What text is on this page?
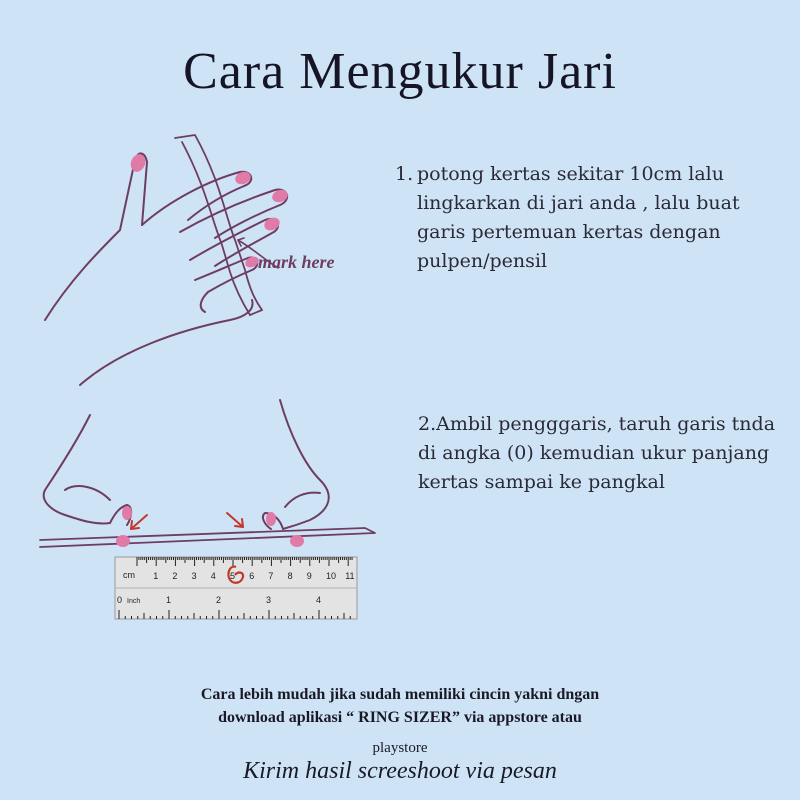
Cara Mengukur Jari
mark here
1. potong kertas sekitar 10cm lalu lingkarkan di jari anda , lalu buat garis pertemuan kertas dengan pulpen/pensil
cm
Inch
1 2 3 4 5 6 7 8 9 10 11
0	1	2	3	4
2.Ambil pengggaris, taruh garis tnda di angka (0) kemudian ukur panjang kertas sampai ke pangkal
Cara lebih mudah jika sudah memiliki cincin yakni dngan
download aplikasi “ RING SIZER” via appstore atau
playstore
Kirim hasil screeshoot via pesan
